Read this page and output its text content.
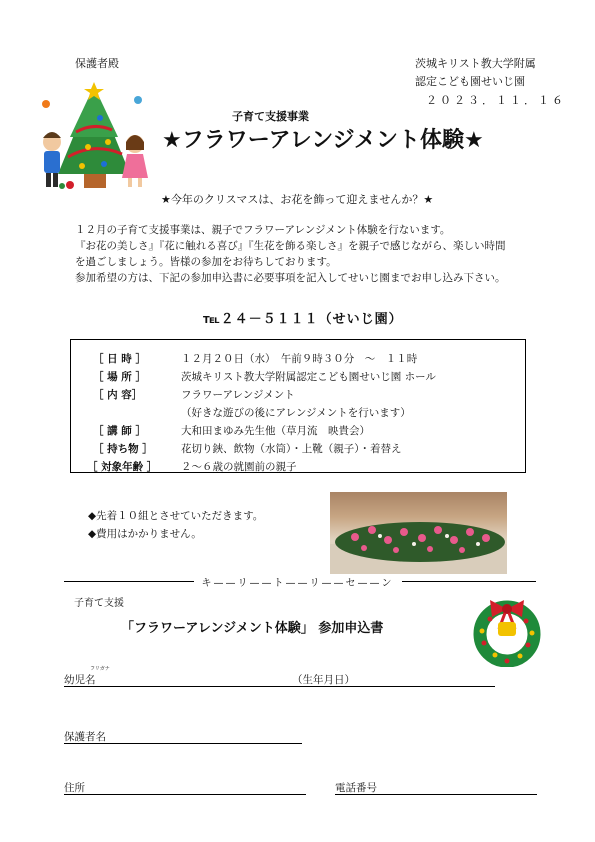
保護者殿	茨城キリスト教大学附属
認定こども園せいじ園
２０２３．１１．１６
子育て支援事業
★フラワーアレンジメント体験★
★今年のクリスマスは、お花を飾って迎えませんか？★
１２月の子育て支援事業は、親子でフラワーアレンジメント体験を行ないます。
『お花の美しさ』『花に触れる喜び』『生花を飾る楽しさ』を親子で感じながら、楽しい時間
を過ごしましょう。皆様の参加をお待ちしております。
参加希望の方は、下記の参加申込書に必要事項を記入してせいじ園までお申し込み下さい。
℡２４－５１１１（せいじ園）
［ 日 時 ］	１２月２０日（水）　午前９時３０分　～　１１時
［ 場 所 ］	茨城キリスト教大学附属認定こども園せいじ園 ホール
［ 内 容］	フラワーアレンジメント
（好きな遊びの後にアレンジメントを行います）
［ 講 師 ］	大和田まゆみ先生他（草月流　映貴会）
［ 持ち物 ］	花切り鋏、飲物（水筒）・上靴（親子）・着替え
［ 対象年齢 ］ ２～６歳の就園前の親子
◆先着１０組とさせていただきます。
◆費用はかかりません。
キ——リ——ト——リ——セ——ン
子育て支援
「フラワーアレンジメント体験」 参加申込書
フリガナ
幼児名	（生年月日）
保護者名
住所	電話番号
